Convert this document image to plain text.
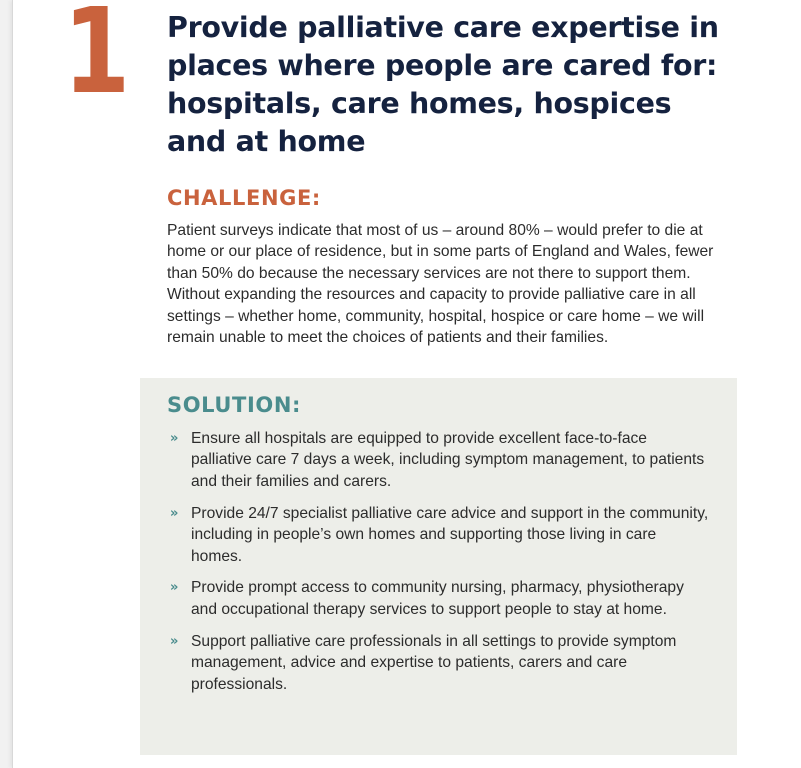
1 Provide palliative care expertise in places where people are cared for: hospitals, care homes, hospices and at home
CHALLENGE:

Patient surveys indicate that most of us – around 80% – would prefer to die at home or our place of residence, but in some parts of England and Wales, fewer than 50% do because the necessary services are not there to support them. Without expanding the resources and capacity to provide palliative care in all settings – whether home, community, hospital, hospice or care home – we will remain unable to meet the choices of patients and their families.

SOLUTION:
» Ensure all hospitals are equipped to provide excellent face-to-face palliative care 7 days a week, including symptom management, to patients and their families and carers.
» Provide 24/7 specialist palliative care advice and support in the community, including in people’s own homes and supporting those living in care homes.
» Provide prompt access to community nursing, pharmacy, physiotherapy and occupational therapy services to support people to stay at home.
» Support palliative care professionals in all settings to provide symptom management, advice and expertise to patients, carers and care professionals.
